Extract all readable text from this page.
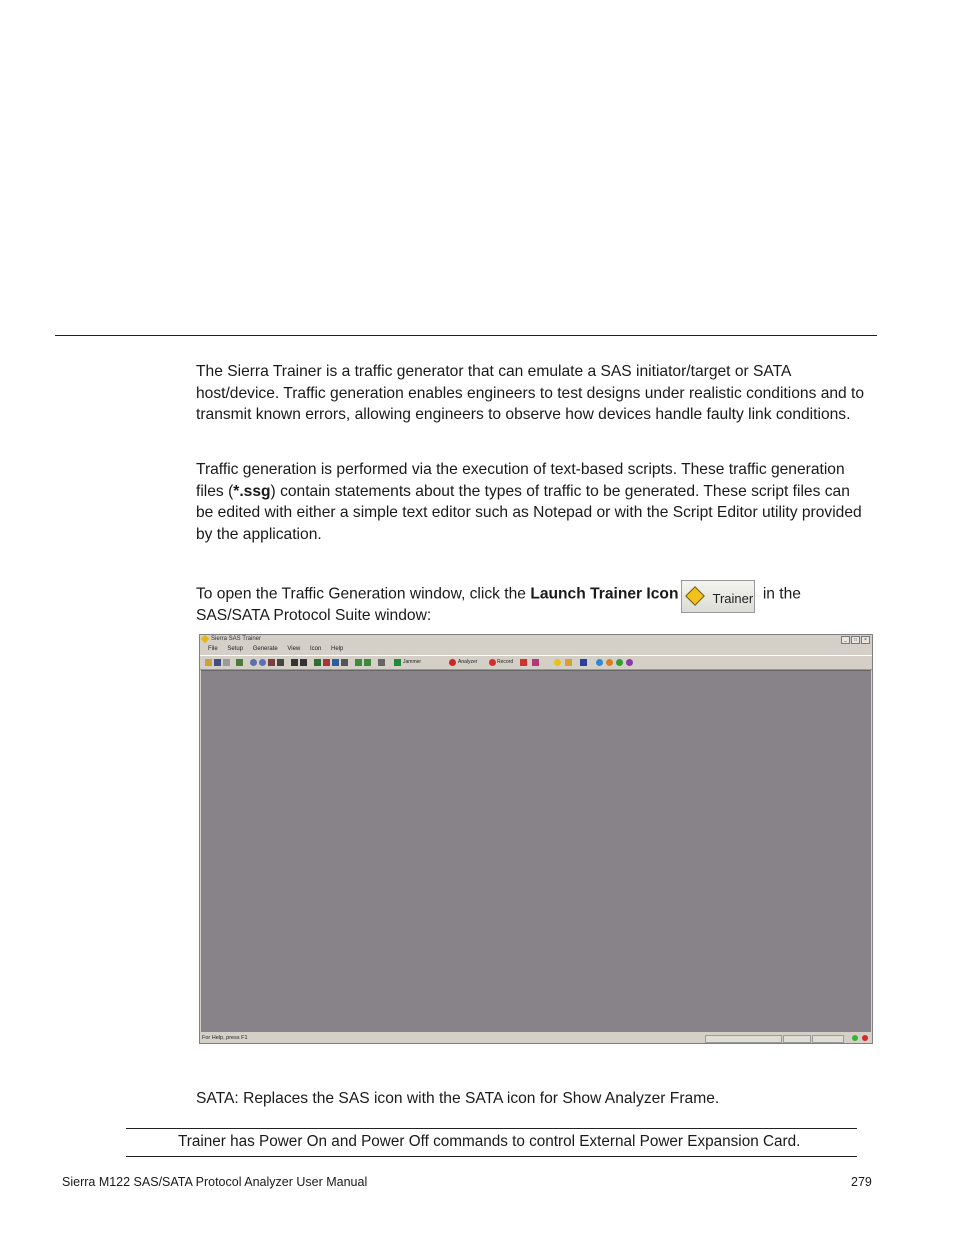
The Sierra Trainer is a traffic generator that can emulate a SAS initiator/target or SATA host/device. Traffic generation enables engineers to test designs under realistic conditions and to transmit known errors, allowing engineers to observe how devices handle faulty link conditions.

Traffic generation is performed via the execution of text-based scripts. These traffic generation files (*.ssg) contain statements about the types of traffic to be generated. These script files can be edited with either a simple text editor such as Notepad or with the Script Editor utility provided by the application.

To open the Traffic Generation window, click the Launch Trainer Icon	Trainer in the SAS/SATA Protocol Suite window:

Sierra SAS Trainer	_	□	×
File Setup Generate View Icon Help
Jammer	Analyzer	Record
For Help, press F1

SATA: Replaces the SAS icon with the SATA icon for Show Analyzer Frame.

Trainer has Power On and Power Off commands to control External Power Expansion Card.
Sierra M122 SAS/SATA Protocol Analyzer User Manual	279
